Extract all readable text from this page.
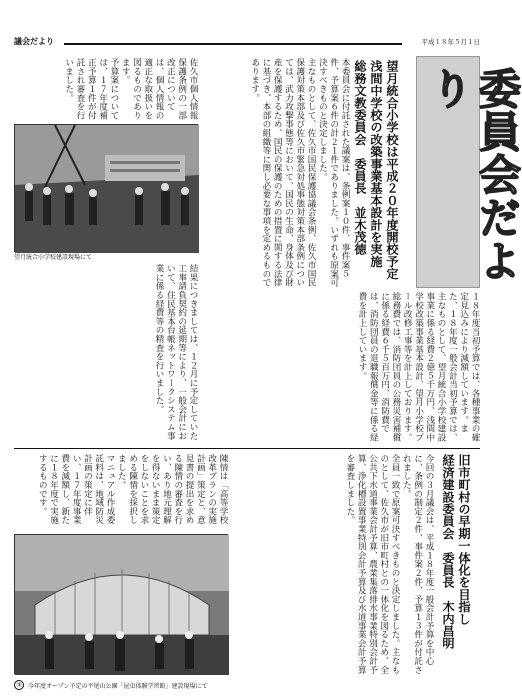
議会だより	平成１８年５月１日
委員会だより
望月統合小学校は平成２０年度開校予定
浅間中学校の改築事業基本設計を実施
総務文教委員会　委員長　並木茂徳

本委員会に付託された議案は、条例案１０件、事件案５件、予算案６件の計２１件でありました。いずれも原案可決すべきものと決定しました。

主なものとして、佐久市国民保護協議会条例、佐久市国民保護対策本部及び佐久市緊急対処事態対策本部条例については、武力攻撃事態等において、国民の生命、身体及び財産を保護するため、国民の保護のための措置に関する法律に基づき、本部の組織等に関し必要な事項を定めるものであります。

佐久市個人情報保護条例の一部改正については、個人情報の適正な取扱いを図るものであります。

予算案については、１７年度補正予算１件が付託され審査を行いました。

望月統合小学校建設現場にて

結果につきましては、１２月に予定していた工事請負契約の延期等により、一般会計において、住民基本台帳ネットワークシステム事業に係る経費等の精査を行いました。	１８年度当初予算では、各種事業の確定見込みにより減額しています。また、１８年度一般会計当初予算では、主なものとして、望月統合小学校建設事業に係る経費２億５千万円、浅間中学校改築事業基本設計、望月小学校プール改修工事等を計上しております。

総務費では、消防団員の公務災害補償に係る経費６千５百万円、消防費では、消防団員の退職報償金等に係る経費を計上しています。

旧市町村の早期一体化を目指し
経済建設委員会　委員長　木内昌明

今回の３月議会は、平成１８年度一般会計予算を中心に、条例の制定２件、事件案２件、予算１３件が付託されました。

全員一致で原案可決すべきものと決定しました。主なものとして、佐久市が旧市町村との一体化を図るため、全公共下水道事業会計予算、農業集落排水事業特別会計予算、浄化槽設置事業特別会計予算及び水道事業会計予算を審査しました。

陳情は「高等学校改革プランの実施計画」策定と、意見書の提出を求める陳情の審査を行い、あり地元理解を得ないまま策定をしないことを求める陳情を採択しました。

マニュアル作成委託料は、地域防災計画の策定に伴い、１７年度事業費を減額し、新たに１８年度で実施するものです。

③	今年度オープン予定の平尾山公園「昆虫体験学習館」建設現場にて
